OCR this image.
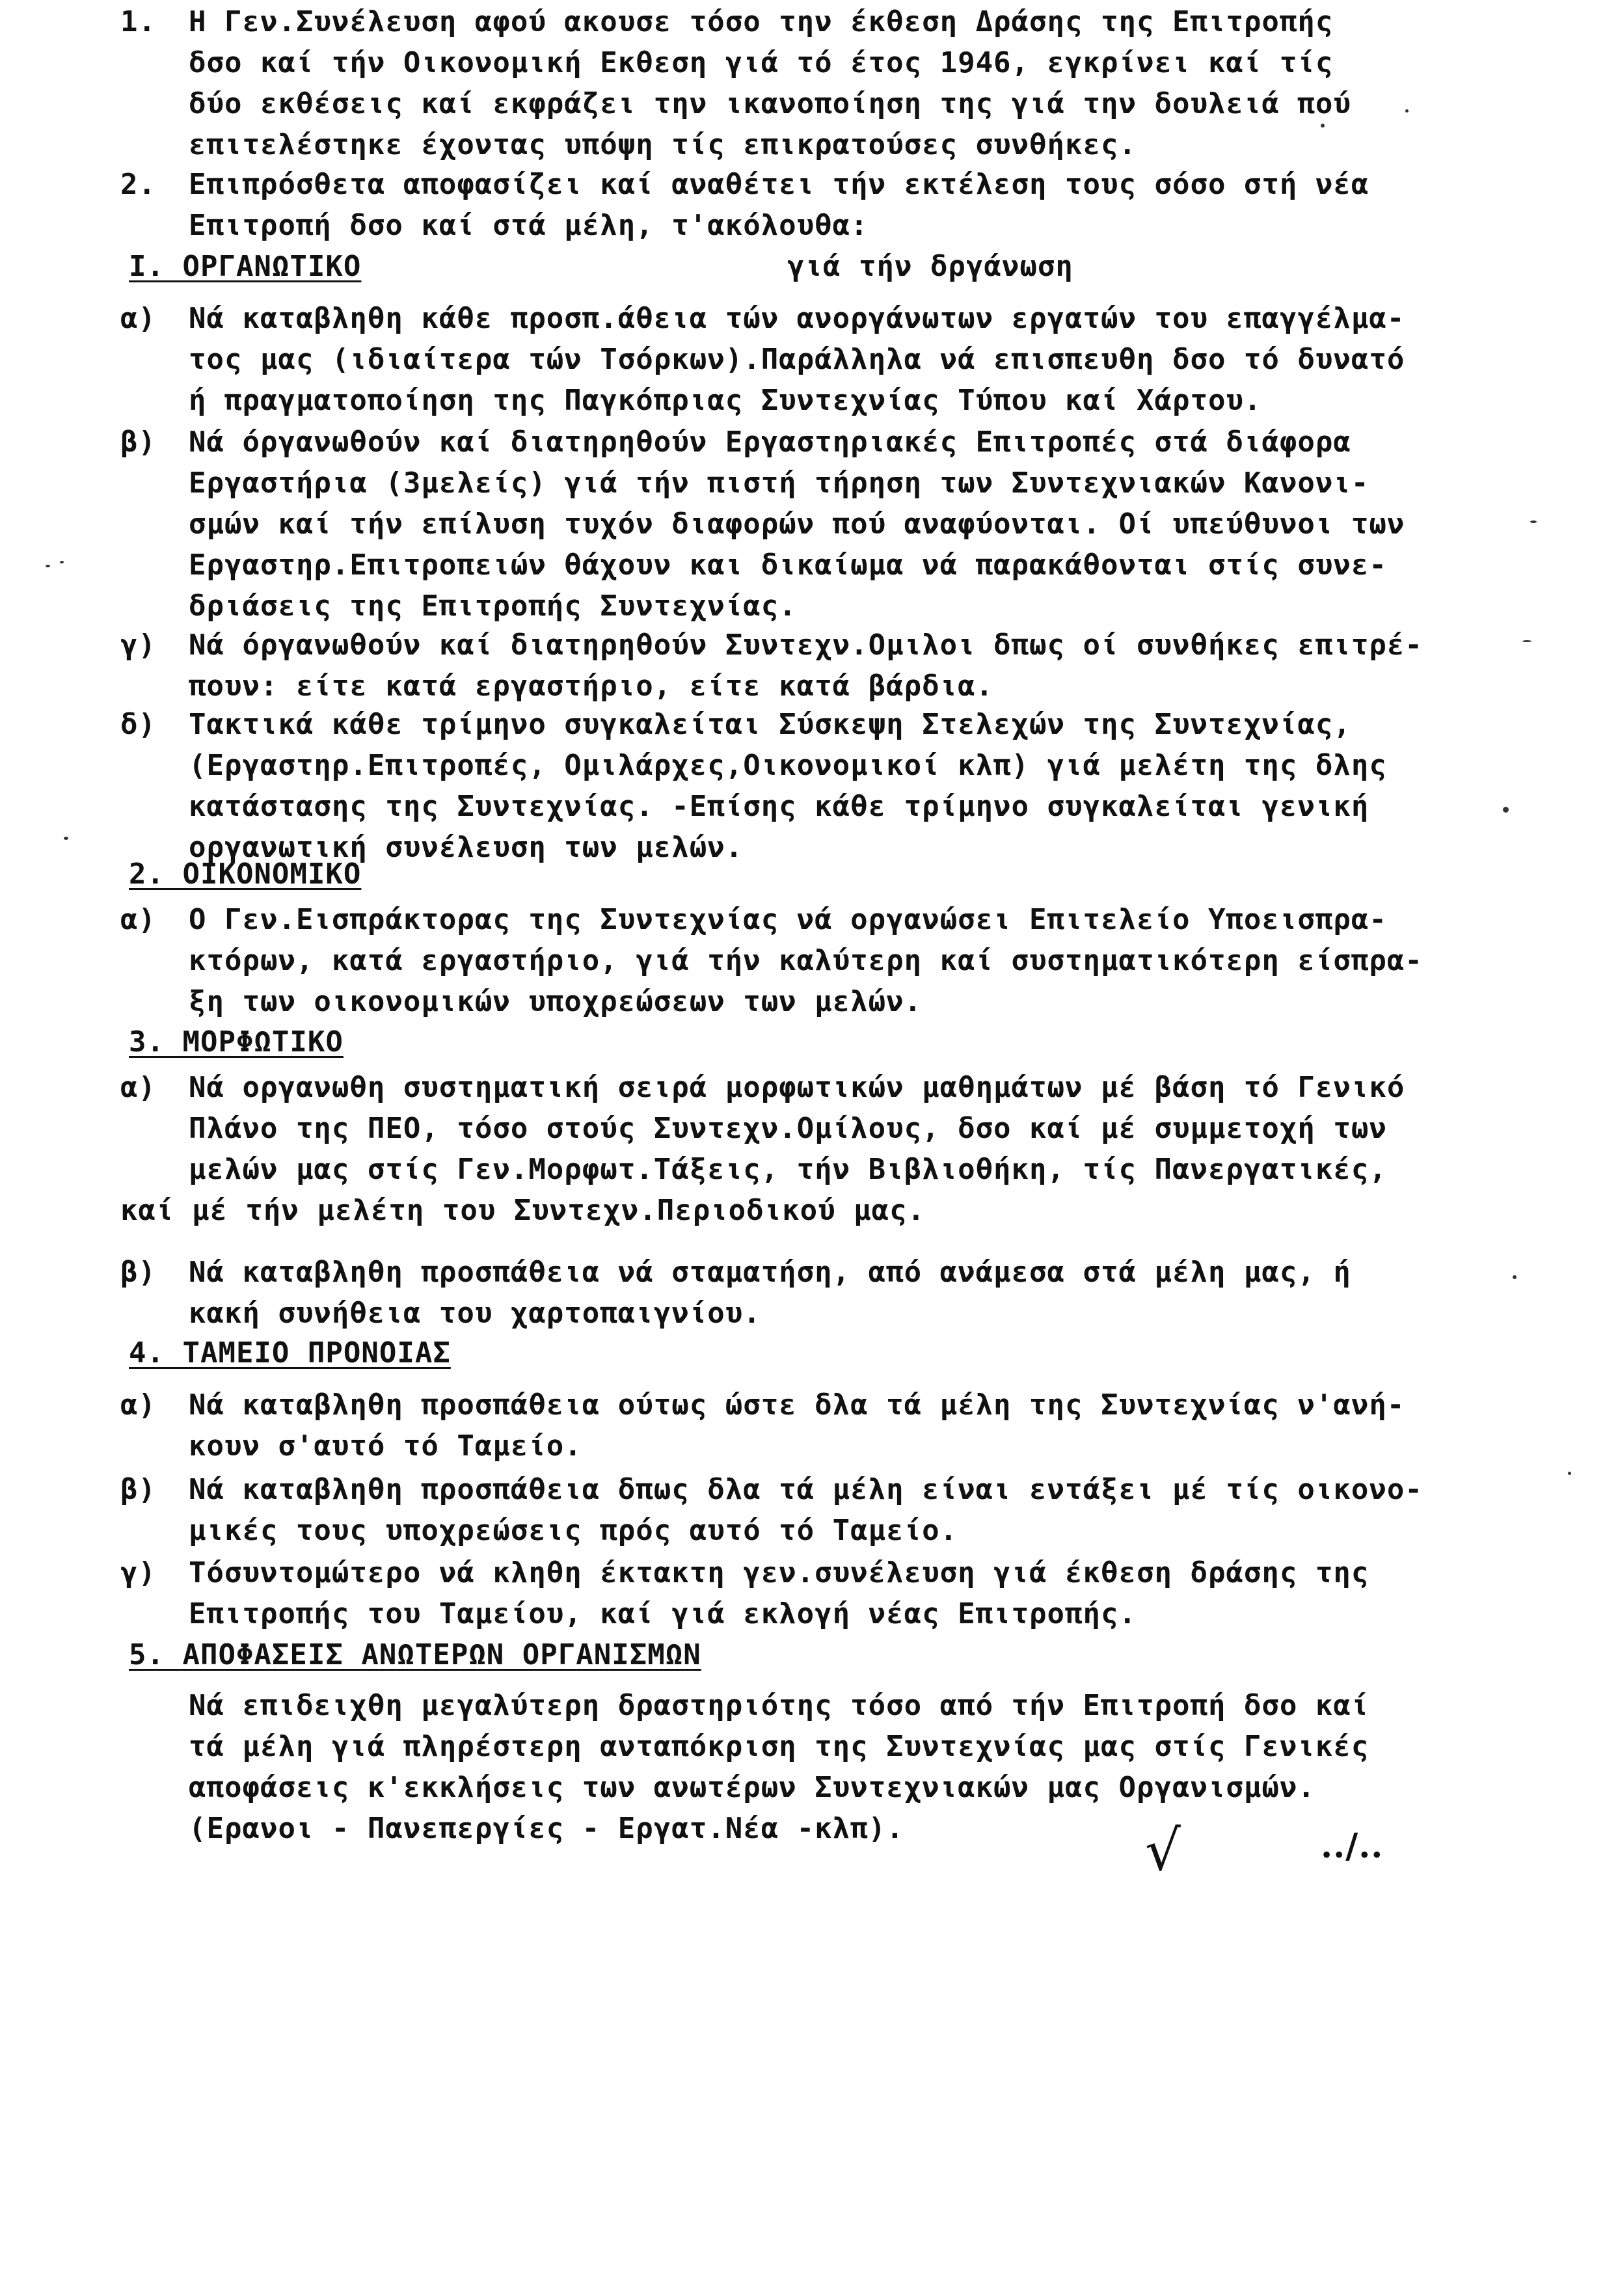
1.	Η Γεν.Συνέλευση αφού ακουσε τόσο την έκθεση Δράσης της Επιτροπής
δσο καί τήν Οικονομική Εκθεση γιά τό έτος 1946, εγκρίνει καί τίς
δύο εκθέσεις καί εκφράζει την ικανοποίηση της γιά την δουλειά πού
επιτελέστηκε έχοντας υπόψη τίς επικρατούσες συνθήκες.
2.	Επιπρόσθετα αποφασίζει καί αναθέτει τήν εκτέλεση τους σόσο στή νέα
Επιτροπή δσο καί στά μέλη, τ'ακόλουθα:
I. ΟΡΓΑΝΩΤΙΚΟ	γιά τήν δργάνωση
α)	Νά καταβληθη κάθε προσπ.άθεια τών ανοργάνωτων εργατών του επαγγέλμα-
τος μας (ιδιαίτερα τών Τσόρκων).Παράλληλα νά επισπευθη δσο τό δυνατό
ή πραγματοποίηση της Παγκόπριας Συντεχνίας Τύπου καί Χάρτου.
β)	Νά όργανωθούν καί διατηρηθούν Εργαστηριακές Επιτροπές στά διάφορα
Εργαστήρια (3μελείς) γιά τήν πιστή τήρηση των Συντεχνιακών Κανονι-
σμών καί τήν επίλυση τυχόν διαφορών πού αναφύονται. Οί υπεύθυνοι των
Εργαστηρ.Επιτροπειών θάχουν και δικαίωμα νά παρακάθονται στίς συνε-
δριάσεις της Επιτροπής Συντεχνίας.
γ)	Νά όργανωθούν καί διατηρηθούν Συντεχν.Ομιλοι δπως οί συνθήκες επιτρέ-
πουν: είτε κατά εργαστήριο, είτε κατά βάρδια.
δ)	Τακτικά κάθε τρίμηνο συγκαλείται Σύσκεψη Στελεχών της Συντεχνίας,
(Εργαστηρ.Επιτροπές, Ομιλάρχες,Οικονομικοί κλπ) γιά μελέτη της δλης
κατάστασης της Συντεχνίας. -Επίσης κάθε τρίμηνο συγκαλείται γενική
οργανωτική συνέλευση των μελών.
2. ΟΙΚΟΝΟΜΙΚΟ
α)	Ο Γεν.Εισπράκτορας της Συντεχνίας νά οργανώσει Επιτελείο Υποεισπρα-
κτόρων, κατά εργαστήριο, γιά τήν καλύτερη καί συστηματικότερη είσπρα-
ξη των οικονομικών υποχρεώσεων των μελών.
3. ΜΟΡΦΩΤΙΚΟ
α)	Νά οργανωθη συστηματική σειρά μορφωτικών μαθημάτων μέ βάση τό Γενικό
Πλάνο της ΠΕΟ, τόσο στούς Συντεχν.Ομίλους, δσο καί μέ συμμετοχή των
μελών μας στίς Γεν.Μορφωτ.Τάξεις, τήν Βιβλιοθήκη, τίς Πανεργατικές,
καί μέ τήν μελέτη του Συντεχν.Περιοδικού μας.
β)	Νά καταβληθη προσπάθεια νά σταματήση, από ανάμεσα στά μέλη μας, ή
κακή συνήθεια του χαρτοπαιγνίου.
4. ΤΑΜΕΙΟ ΠΡΟΝΟΙΑΣ
α)	Νά καταβληθη προσπάθεια ούτως ώστε δλα τά μέλη της Συντεχνίας ν'ανή-
κουν σ'αυτό τό Ταμείο.
β)	Νά καταβληθη προσπάθεια δπως δλα τά μέλη είναι εντάξει μέ τίς οικονο-
μικές τους υποχρεώσεις πρός αυτό τό Ταμείο.
γ)	Τόσυντομώτερο νά κληθη έκτακτη γεν.συνέλευση γιά έκθεση δράσης της
Επιτροπής του Ταμείου, καί γιά εκλογή νέας Επιτροπής.
5. ΑΠΟΦΑΣΕΙΣ ΑΝΩΤΕΡΩΝ ΟΡΓΑΝΙΣΜΩΝ
Νά επιδειχθη μεγαλύτερη δραστηριότης τόσο από τήν Επιτροπή δσο καί
τά μέλη γιά πληρέστερη ανταπόκριση της Συντεχνίας μας στίς Γενικές
αποφάσεις κ'εκκλήσεις των ανωτέρων Συντεχνιακών μας Οργανισμών.
(Ερανοι - Πανεπεργίες - Εργατ.Νέα -κλπ).	√	../..
